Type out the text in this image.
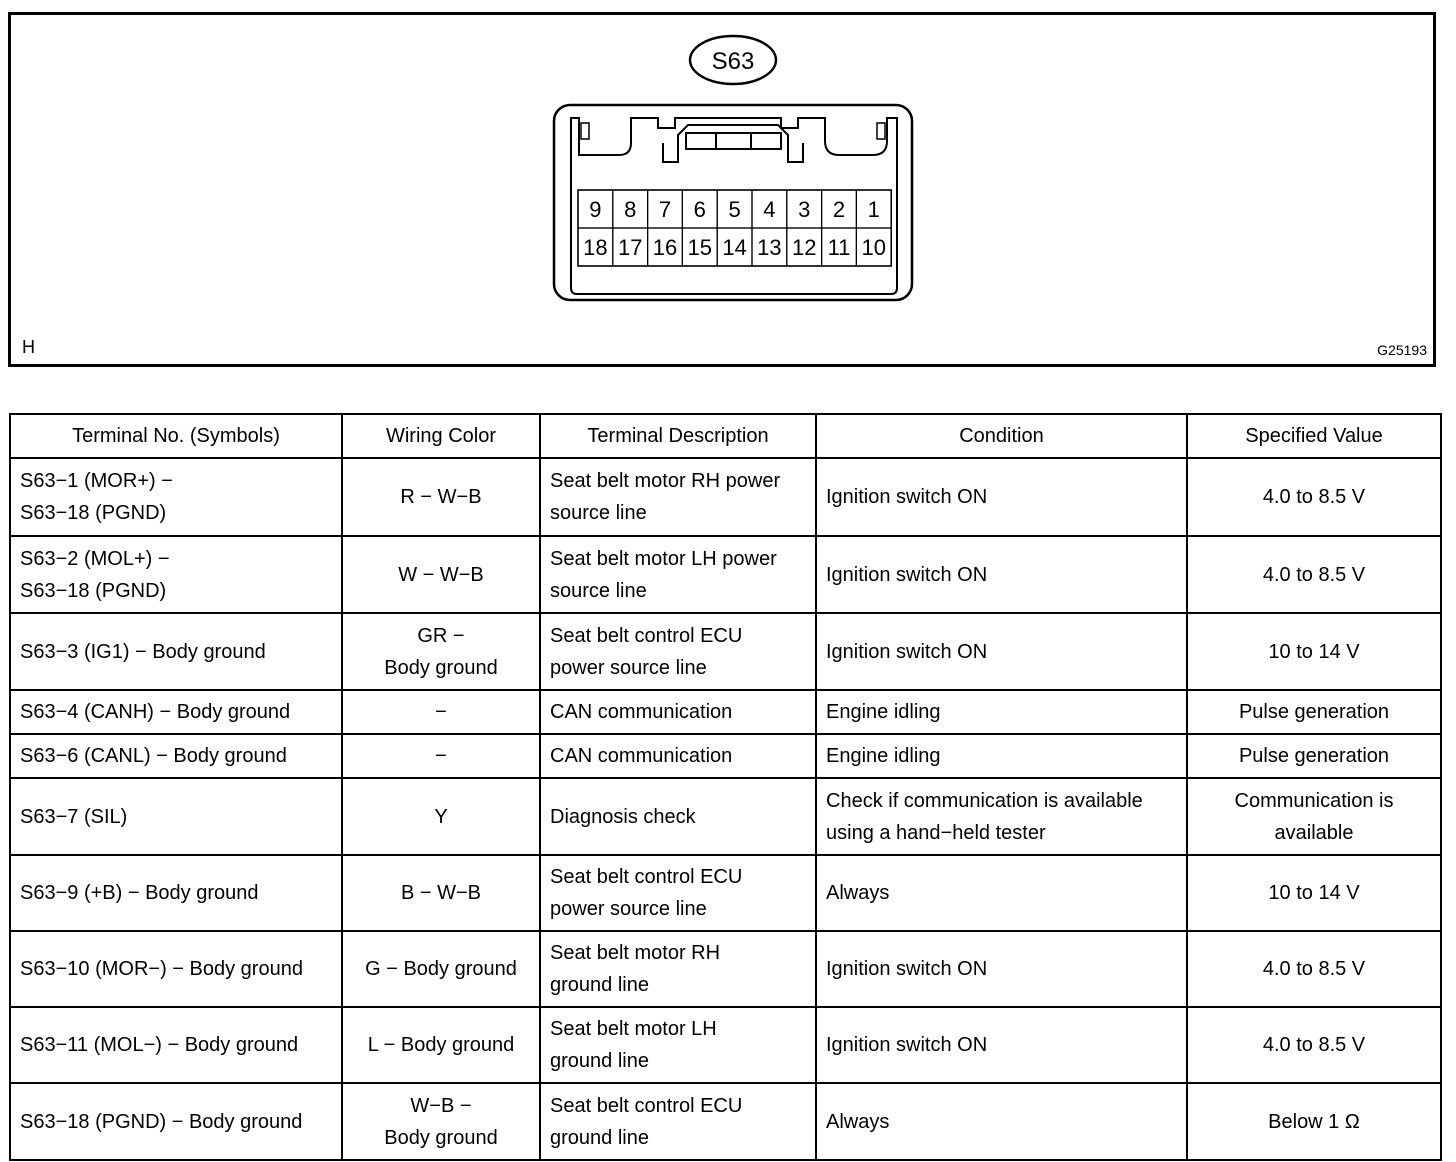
S63
9 8 7 6 5 4 3 2 1
18 17 16 15 14 13 12 11 10
H	G25193
Terminal No. (Symbols)	Wiring Color	Terminal Description	Condition	Specified Value

S63−1 (MOR+) −
S63−18 (PGND)	R − W−B	Seat belt motor RH power
source line	Ignition switch ON	4.0 to 8.5 V

S63−2 (MOL+) −
S63−18 (PGND)	W − W−B	Seat belt motor LH power
source line	Ignition switch ON	4.0 to 8.5 V

S63−3 (IG1) − Body ground	GR −
Body ground	Seat belt control ECU
power source line	Ignition switch ON	10 to 14 V

S63−4 (CANH) − Body ground	−	CAN communication	Engine idling	Pulse generation

S63−6 (CANL) − Body ground	−	CAN communication	Engine idling	Pulse generation

S63−7 (SIL)	Y	Diagnosis check	Check if communication is available
using a hand−held tester	Communication is
available

S63−9 (+B) − Body ground	B − W−B	Seat belt control ECU
power source line	Always	10 to 14 V

S63−10 (MOR−) − Body ground	G − Body ground	Seat belt motor RH
ground line	Ignition switch ON	4.0 to 8.5 V

S63−11 (MOL−) − Body ground	L − Body ground	Seat belt motor LH
ground line	Ignition switch ON	4.0 to 8.5 V

S63−18 (PGND) − Body ground	W−B −
Body ground	Seat belt control ECU
ground line	Always	Below 1 Ω
